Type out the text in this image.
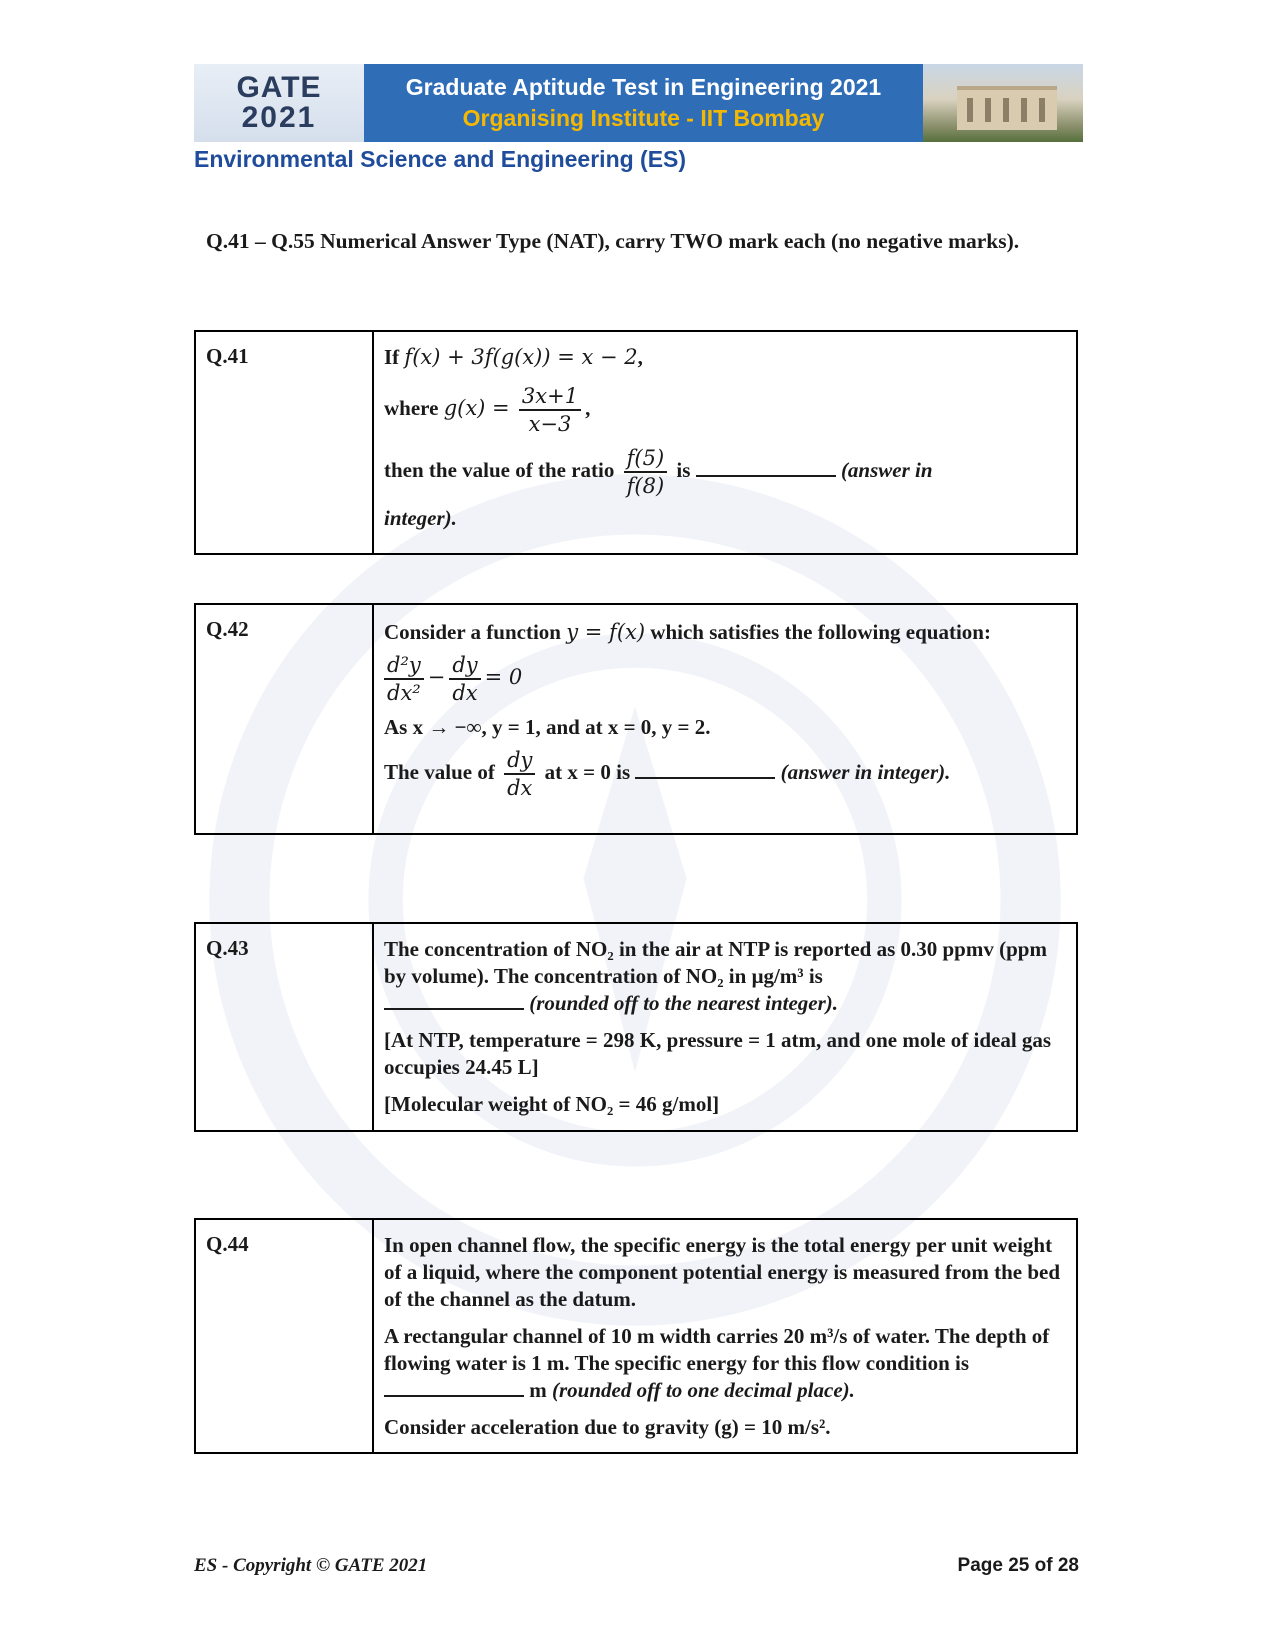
GATE
2021
Graduate Aptitude Test in Engineering 2021
Organising Institute - IIT Bombay
Environmental Science and Engineering (ES)
Q.41 – Q.55 Numerical Answer Type (NAT), carry TWO mark each (no negative marks).
Q.41	If f(x) + 3f(g(x)) = x − 2,

where $g(x) = \frac{3x+1}{x-3}$ ,

then the value of the ratio $\frac{f(5)}{f(8)}$ is	(answer in

integer).

Q.42	Consider a function y = f(x) which satisfies the following equation:

$\frac{\text{d²y}}{\text{dx²}} - \frac{dy}{dx} = 0$

As x → −∞, y = 1, and at x = 0, y = 2.

The value of $\frac{dy}{dx}$ at x = 0 is	(answer in integer).

Q.43	The concentration of NO₂ in the air at NTP is reported as 0.30 ppmv (ppm by volume). The concentration of NO₂ in μg/m³ is
(rounded off to the nearest integer).

[At NTP, temperature = 298 K, pressure = 1 atm, and one mole of ideal gas occupies 24.45 L]

[Molecular weight of NO₂ = 46 g/mol]

Q.44	In open channel flow, the specific energy is the total energy per unit weight of a liquid, where the component potential energy is measured from the bed of the channel as the datum.

A rectangular channel of 10 m width carries 20 m³/s of water. The depth of flowing water is 1 m. The specific energy for this flow condition is  m (rounded off to one decimal place).

Consider acceleration due to gravity (g) = 10 m/s².

ES - Copyright © GATE 2021	Page 25 of 28
